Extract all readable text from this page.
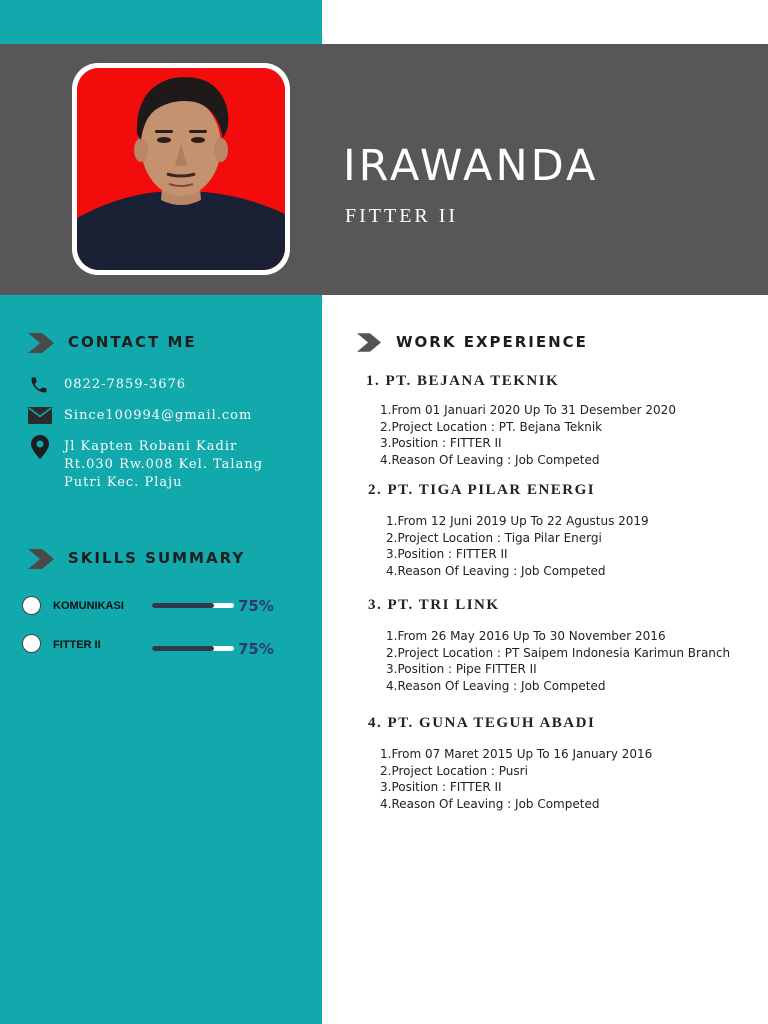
IRAWANDA
FITTER II
CONTACT ME
0822-7859-3676
Since100994@gmail.com
Jl Kapten Robani Kadir
Rt.030 Rw.008 Kel. Talang
Putri Kec. Plaju
SKILLS SUMMARY
KOMUNIKASI	75%
FITTER II	75%
WORK EXPERIENCE
1. PT. BEJANA TEKNIK
1.From 01 Januari 2020 Up To 31 Desember 2020
2.Project Location : PT. Bejana Teknik
3.Position : FITTER II
4.Reason Of Leaving : Job Competed
2. PT. TIGA PILAR ENERGI
1.From 12 Juni 2019 Up To 22 Agustus 2019
2.Project Location : Tiga Pilar Energi
3.Position : FITTER II
4.Reason Of Leaving : Job Competed
3. PT. TRI LINK
1.From 26 May 2016 Up To 30 November 2016
2.Project Location : PT Saipem Indonesia Karimun Branch
3.Position : Pipe FITTER II
4.Reason Of Leaving : Job Competed
4. PT. GUNA TEGUH ABADI
1.From 07 Maret 2015 Up To 16 January 2016
2.Project Location : Pusri
3.Position : FITTER II
4.Reason Of Leaving : Job Competed
